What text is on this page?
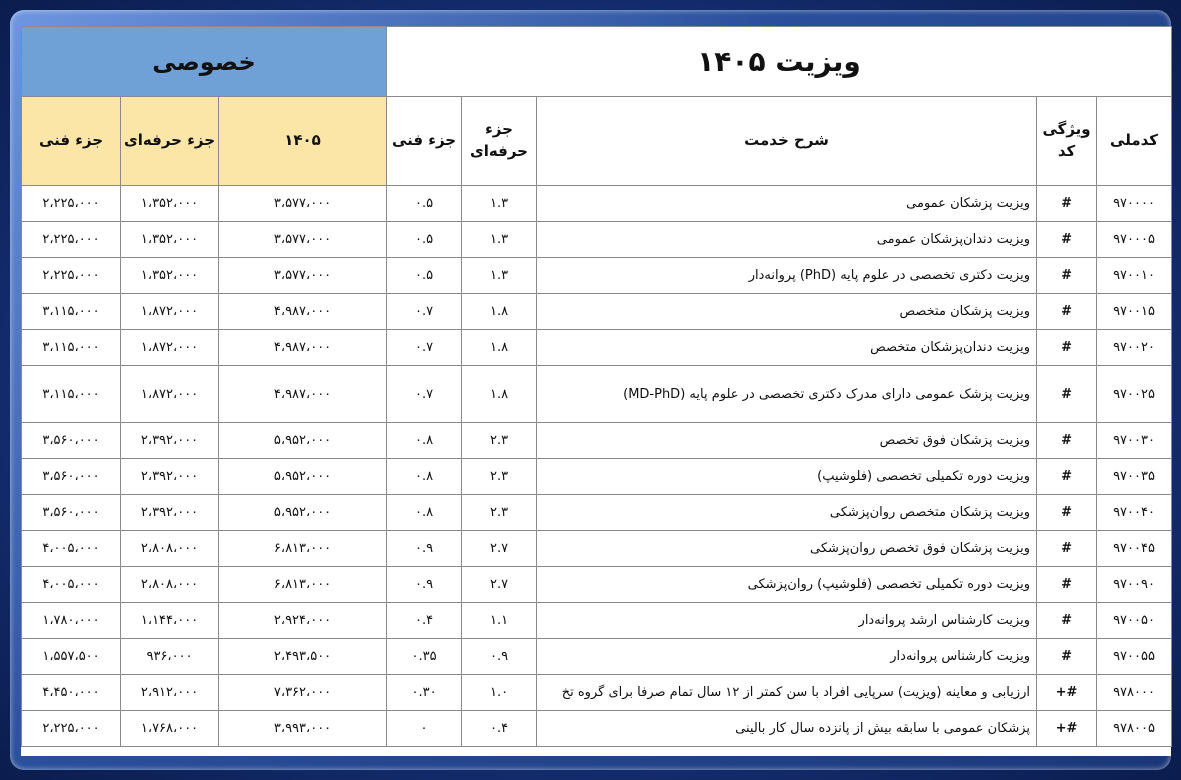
ویزیت ۱۴۰۵					خصوصی		
کدملی	ویژگی کد	شرح خدمت	جزء حرفه‌ای	جزء فنی	۱۴۰۵	جزء حرفه‌ای	جزء فنی
۹۷۰۰۰۰	#	ویزیت پزشکان عمومی	۱.۳	۰.۵	۳،۵۷۷،۰۰۰	۱،۳۵۲،۰۰۰	۲،۲۲۵،۰۰۰
۹۷۰۰۰۵	#	ویزیت دندان‌پزشکان عمومی	۱.۳	۰.۵	۳،۵۷۷،۰۰۰	۱،۳۵۲،۰۰۰	۲،۲۲۵،۰۰۰
۹۷۰۰۱۰	#	ویزیت دکتری تخصصی در علوم پایه (PhD) پروانه‌دار	۱.۳	۰.۵	۳،۵۷۷،۰۰۰	۱،۳۵۲،۰۰۰	۲،۲۲۵،۰۰۰
۹۷۰۰۱۵	#	ویزیت پزشکان متخصص	۱.۸	۰.۷	۴،۹۸۷،۰۰۰	۱،۸۷۲،۰۰۰	۳،۱۱۵،۰۰۰
۹۷۰۰۲۰	#	ویزیت دندان‌پزشکان متخصص	۱.۸	۰.۷	۴،۹۸۷،۰۰۰	۱،۸۷۲،۰۰۰	۳،۱۱۵،۰۰۰
۹۷۰۰۲۵	#	ویزیت پزشک عمومی دارای مدرک دکتری تخصصی در علوم پایه (MD-PhD)	۱.۸	۰.۷	۴،۹۸۷،۰۰۰	۱،۸۷۲،۰۰۰	۳،۱۱۵،۰۰۰
۹۷۰۰۳۰	#	ویزیت پزشکان فوق تخصص	۲.۳	۰.۸	۵،۹۵۲،۰۰۰	۲،۳۹۲،۰۰۰	۳،۵۶۰،۰۰۰
۹۷۰۰۳۵	#	ویزیت دوره تکمیلی تخصصی (فلوشیپ)	۲.۳	۰.۸	۵،۹۵۲،۰۰۰	۲،۳۹۲،۰۰۰	۳،۵۶۰،۰۰۰
۹۷۰۰۴۰	#	ویزیت پزشکان متخصص روان‌پزشکی	۲.۳	۰.۸	۵،۹۵۲،۰۰۰	۲،۳۹۲،۰۰۰	۳،۵۶۰،۰۰۰
۹۷۰۰۴۵	#	ویزیت پزشکان فوق تخصص روان‌پزشکی	۲.۷	۰.۹	۶،۸۱۳،۰۰۰	۲،۸۰۸،۰۰۰	۴،۰۰۵،۰۰۰
۹۷۰۰۹۰	#	ویزیت دوره تکمیلی تخصصی (فلوشیپ) روان‌پزشکی	۲.۷	۰.۹	۶،۸۱۳،۰۰۰	۲،۸۰۸،۰۰۰	۴،۰۰۵،۰۰۰
۹۷۰۰۵۰	#	ویزیت کارشناس ارشد پروانه‌دار	۱.۱	۰.۴	۲،۹۲۴،۰۰۰	۱،۱۴۴،۰۰۰	۱،۷۸۰،۰۰۰
۹۷۰۰۵۵	#	ویزیت کارشناس پروانه‌دار	۰.۹	۰.۳۵	۲،۴۹۳،۵۰۰	۹۳۶،۰۰۰	۱،۵۵۷،۵۰۰
۹۷۸۰۰۰	#+	ارزیابی و معاینه (ویزیت) سرپایی افراد با سن کمتر از ۱۲ سال تمام صرفا برای گروه تخ	۱.۰	۰.۳۰	۷،۳۶۲،۰۰۰	۲،۹۱۲،۰۰۰	۴،۴۵۰،۰۰۰
۹۷۸۰۰۵	#+	پزشکان عمومی با سابقه بیش از پانزده سال کار بالینی	۰.۴	۰	۳،۹۹۳،۰۰۰	۱،۷۶۸،۰۰۰	۲،۲۲۵،۰۰۰
